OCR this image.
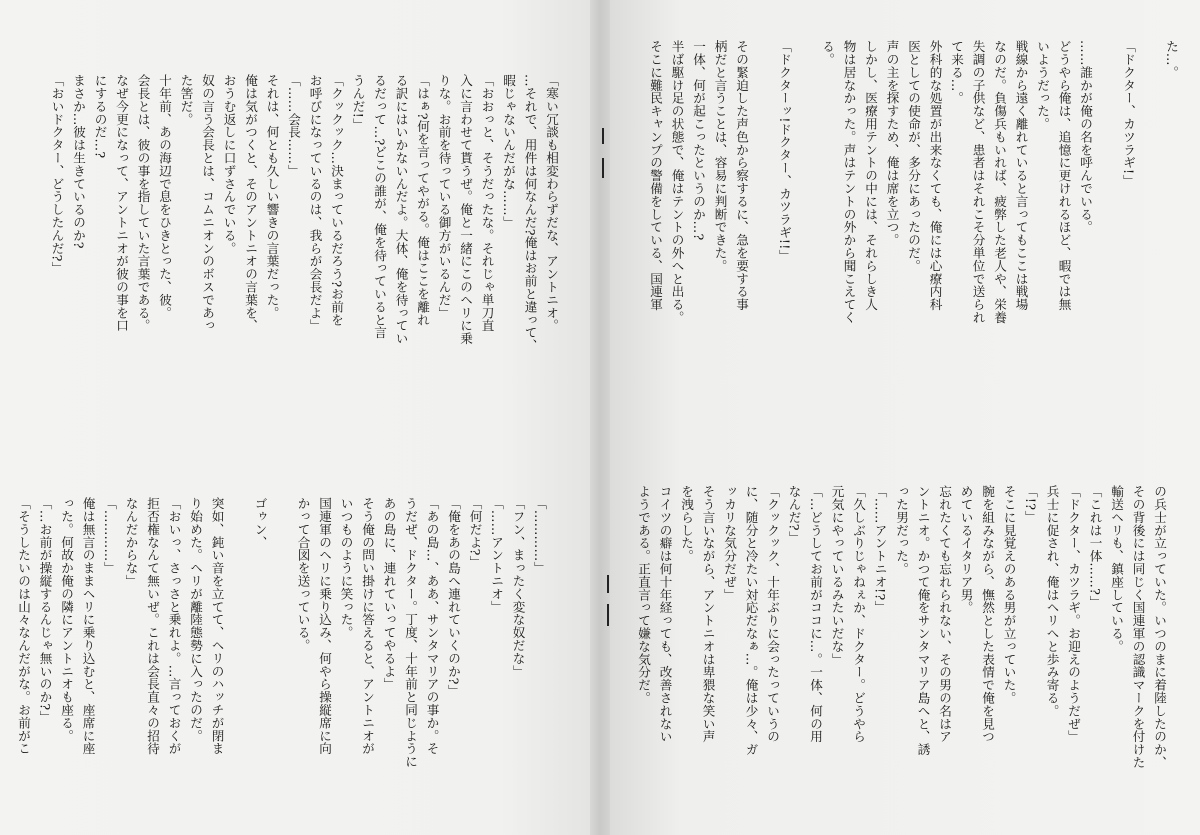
「寒い冗談も相変わらずだな、アントニオ。
…それで、用件は何なんだ?俺はお前と違って、
暇じゃないんだがな……」
「おおっと、そうだったな。それじゃ単刀直
入に言わせて貰うぜ。俺と一緒にこのヘリに乗
りな。お前を待っている御方がいるんだ」
「はぁ?何を言ってやがる。俺はここを離れ
る訳にはいかないんだよ。大体、俺を待ってい
るだって…?どこの誰が、俺を待っていると言
うんだ!」
「クックック…決まっているだろう?お前を
お呼びになっているのは、我らが会長だよ」
「……会長……」
それは、何とも久しい響きの言葉だった。
俺は気がつくと、そのアントニオの言葉を、
おうむ返しに口ずさんでいる。
奴の言う会長とは、コムニオンのボスであっ
た筈だ。
十年前、あの海辺で息をひきとった、彼。
会長とは、彼の事を指していた言葉である。
なぜ今更になって、アントニオが彼の事を口
にするのだ…?
まさか…彼は生きているのか?
「おいドクター、どうしたんだ?」
「…………」
「フン、まったく変な奴だな」
「……アントニオ」
「何だよ?」
「俺をあの島へ連れていくのか?」
「あの島…、ああ、サンタマリアの事か。そ
うだぜ、ドクター。丁度、十年前と同じように
あの島に、連れていってやるよ」
そう俺の問い掛けに答えると、アントニオが
いつものように笑った。
国連軍のヘリに乗り込み、何やら操縦席に向
かって合図を送っている。

ゴゥン、

突如、鈍い音を立てて、ヘリのハッチが閉ま
り始めた。ヘリが離陸態勢に入ったのだ。
「おいっ、さっさと乗れよ。…言っておくが
拒否権なんて無いぜ。これは会長直々の招待
なんだからな」
「…………」
俺は無言のままヘリに乗り込むと、座席に座
った。何故か俺の隣にアントニオも座る。
「…お前が操縦するんじゃ無いのか?」
「そうしたいのは山々なんだがな。お前がこ
た…。

「ドクター、カツラギ!」

……誰かが俺の名を呼んでいる。
どうやら俺は、追憶に更けれるほど、暇では無
いようだった。
戦線から遠く離れていると言ってもここは戦場
なのだ。負傷兵もいれば、疲弊した老人や、栄養
失調の子供など、患者はそれこそ分単位で送られ
て来る…。
外科的な処置が出来なくても、俺には心療内科
医としての使命が、多分にあったのだ。
声の主を探すため、俺は席を立つ。
しかし、医療用テントの中には、それらしき人
物は居なかった。声はテントの外から聞こえてく
る。

「ドクターッ!ドクター、カツラギ!!」

その緊迫した声色から察するに、急を要する事
柄だと言うことは、容易に判断できた。
一体、何が起こったというのか…?
半ば駆け足の状態で、俺はテントの外へと出る。
そこに難民キャンプの警備をしている、国連軍
の兵士が立っていた。いつのまに着陸したのか、
その背後には同じく国連軍の認識マークを付けた
輸送ヘリも、鎮座している。
「これは一体……?」
「ドクター、カツラギ。お迎えのようだぜ」
兵士に促され、俺はヘリへと歩み寄る。
「!?」
そこに見覚えのある男が立っていた。
腕を組みながら、憮然とした表情で俺を見つ
めているイタリア男。
忘れたくても忘れられない、その男の名はア
ントニオ。かつて俺をサンタマリア島へと、誘
った男だった。
「……アントニオ!?」
「久しぶりじゃねぇか、ドクター。どうやら
元気にやっているみたいだな」
「…どうしてお前がココに…。一体、何の用
なんだ?」
「クックック、十年ぶりに会ったっていうの
に、随分と冷たい対応だなぁ…。俺は少々、ガ
ッカリな気分だぜ」
そう言いながら、アントニオは卑猥な笑い声
を洩らした。
コイツの癖は何十年経っても、改善されない
ようである。正直言って嫌な気分だ。
